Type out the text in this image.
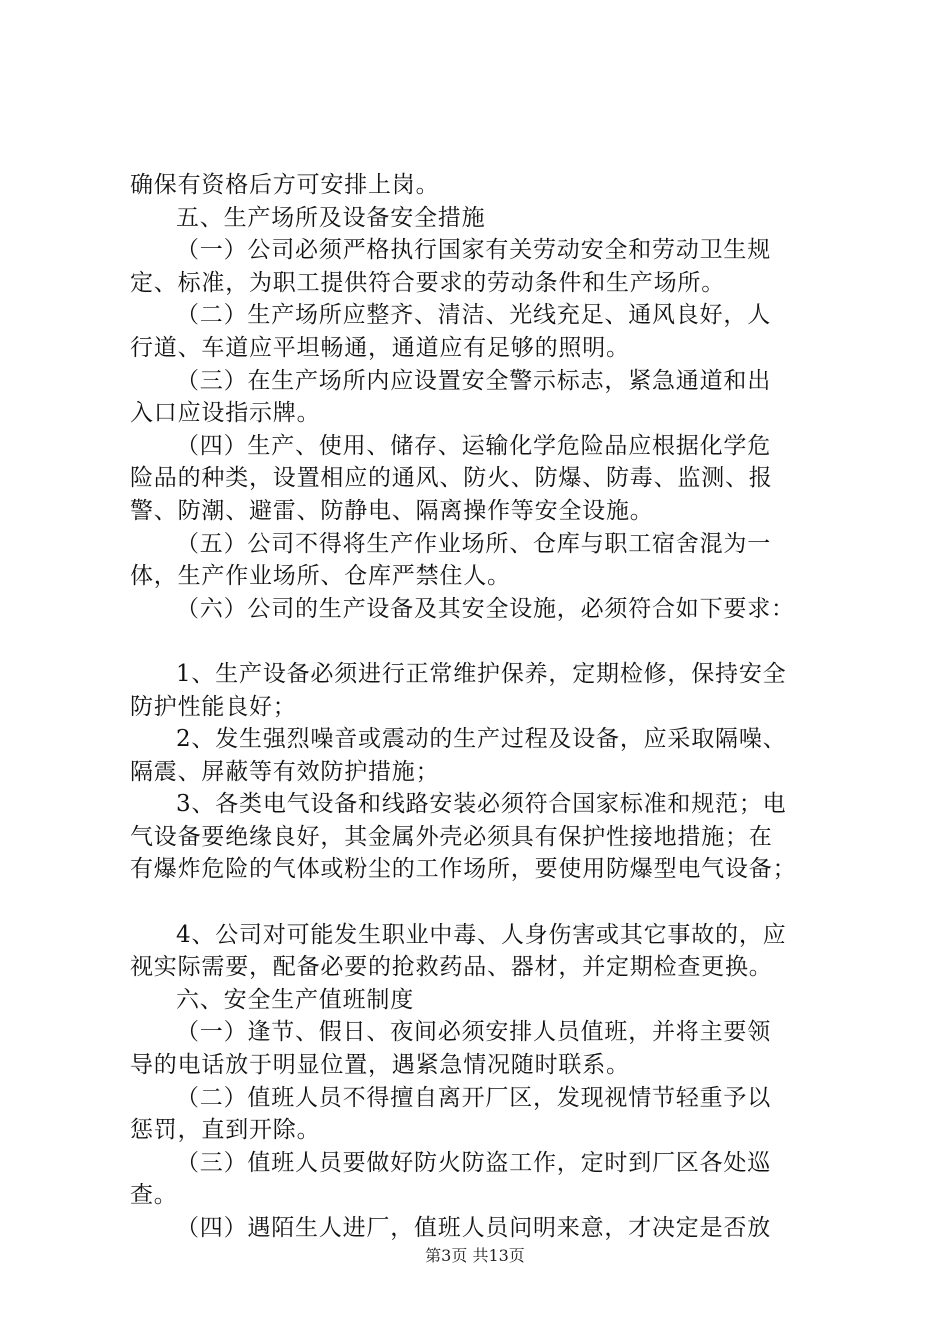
确保有资格后方可安排上岗。
五、生产场所及设备安全措施
（一）公司必须严格执行国家有关劳动安全和劳动卫生规
定、标准，为职工提供符合要求的劳动条件和生产场所。
（二）生产场所应整齐、清洁、光线充足、通风良好，人
行道、车道应平坦畅通，通道应有足够的照明。
（三）在生产场所内应设置安全警示标志，紧急通道和出
入口应设指示牌。
（四）生产、使用、储存、运输化学危险品应根据化学危
险品的种类，设置相应的通风、防火、防爆、防毒、监测、报
警、防潮、避雷、防静电、隔离操作等安全设施。
（五）公司不得将生产作业场所、仓库与职工宿舍混为一
体，生产作业场所、仓库严禁住人。
（六）公司的生产设备及其安全设施，必须符合如下要求：
1、生产设备必须进行正常维护保养，定期检修，保持安全
防护性能良好；
2、发生强烈噪音或震动的生产过程及设备，应采取隔噪、
隔震、屏蔽等有效防护措施；
3、各类电气设备和线路安装必须符合国家标准和规范；电
气设备要绝缘良好，其金属外壳必须具有保护性接地措施；在
有爆炸危险的气体或粉尘的工作场所，要使用防爆型电气设备；
4、公司对可能发生职业中毒、人身伤害或其它事故的，应
视实际需要，配备必要的抢救药品、器材，并定期检查更换。
六、安全生产值班制度
（一）逢节、假日、夜间必须安排人员值班，并将主要领
导的电话放于明显位置，遇紧急情况随时联系。
（二）值班人员不得擅自离开厂区，发现视情节轻重予以
惩罚，直到开除。
（三）值班人员要做好防火防盗工作，定时到厂区各处巡
查。
（四）遇陌生人进厂，值班人员问明来意，才决定是否放
第3页 共13页
